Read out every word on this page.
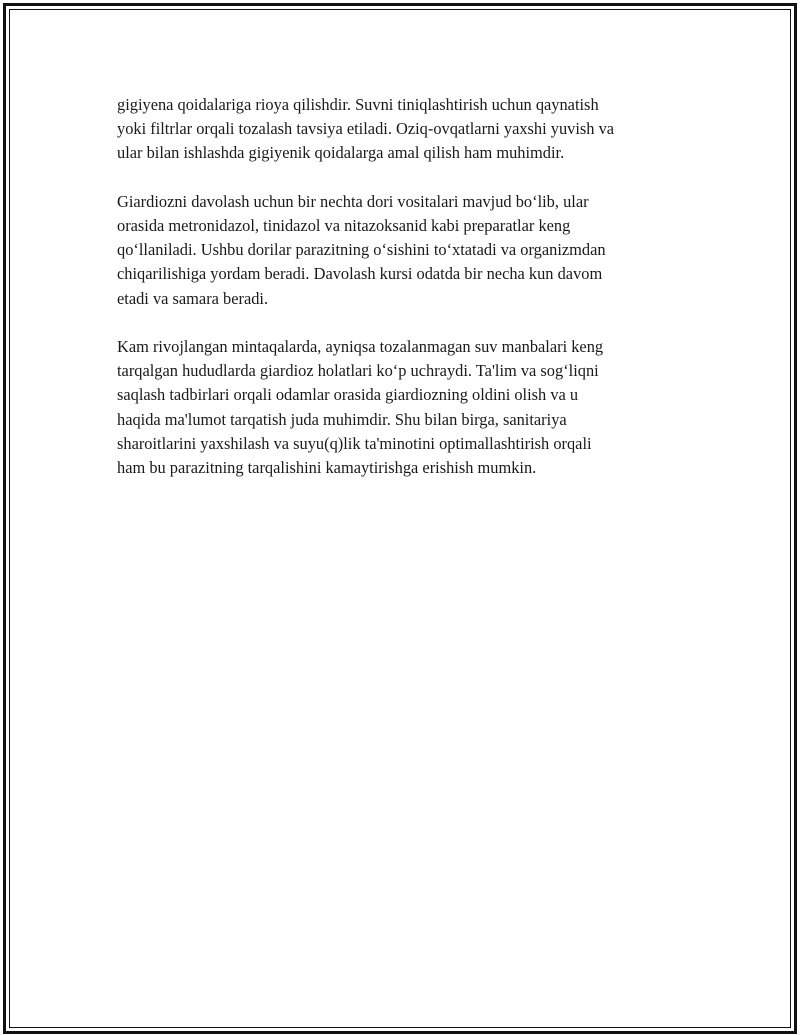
gigiyena qoidalariga rioya qilishdir. Suvni tiniqlashtirish uchun qaynatish
yoki filtrlar orqali tozalash tavsiya etiladi. Oziq-ovqatlarni yaxshi yuvish va
ular bilan ishlashda gigiyenik qoidalarga amal qilish ham muhimdir.

Giardiozni davolash uchun bir nechta dori vositalari mavjud bo‘lib, ular
orasida metronidazol, tinidazol va nitazoksanid kabi preparatlar keng
qo‘llaniladi. Ushbu dorilar parazitning o‘sishini to‘xtatadi va organizmdan
chiqarilishiga yordam beradi. Davolash kursi odatda bir necha kun davom
etadi va samara beradi.

Kam rivojlangan mintaqalarda, ayniqsa tozalanmagan suv manbalari keng
tarqalgan hududlarda giardioz holatlari ko‘p uchraydi. Ta'lim va sog‘liqni
saqlash tadbirlari orqali odamlar orasida giardiozning oldini olish va u
haqida ma'lumot tarqatish juda muhimdir. Shu bilan birga, sanitariya
sharoitlarini yaxshilash va suyu(q)lik ta'minotini optimallashtirish orqali
ham bu parazitning tarqalishini kamaytirishga erishish mumkin.
